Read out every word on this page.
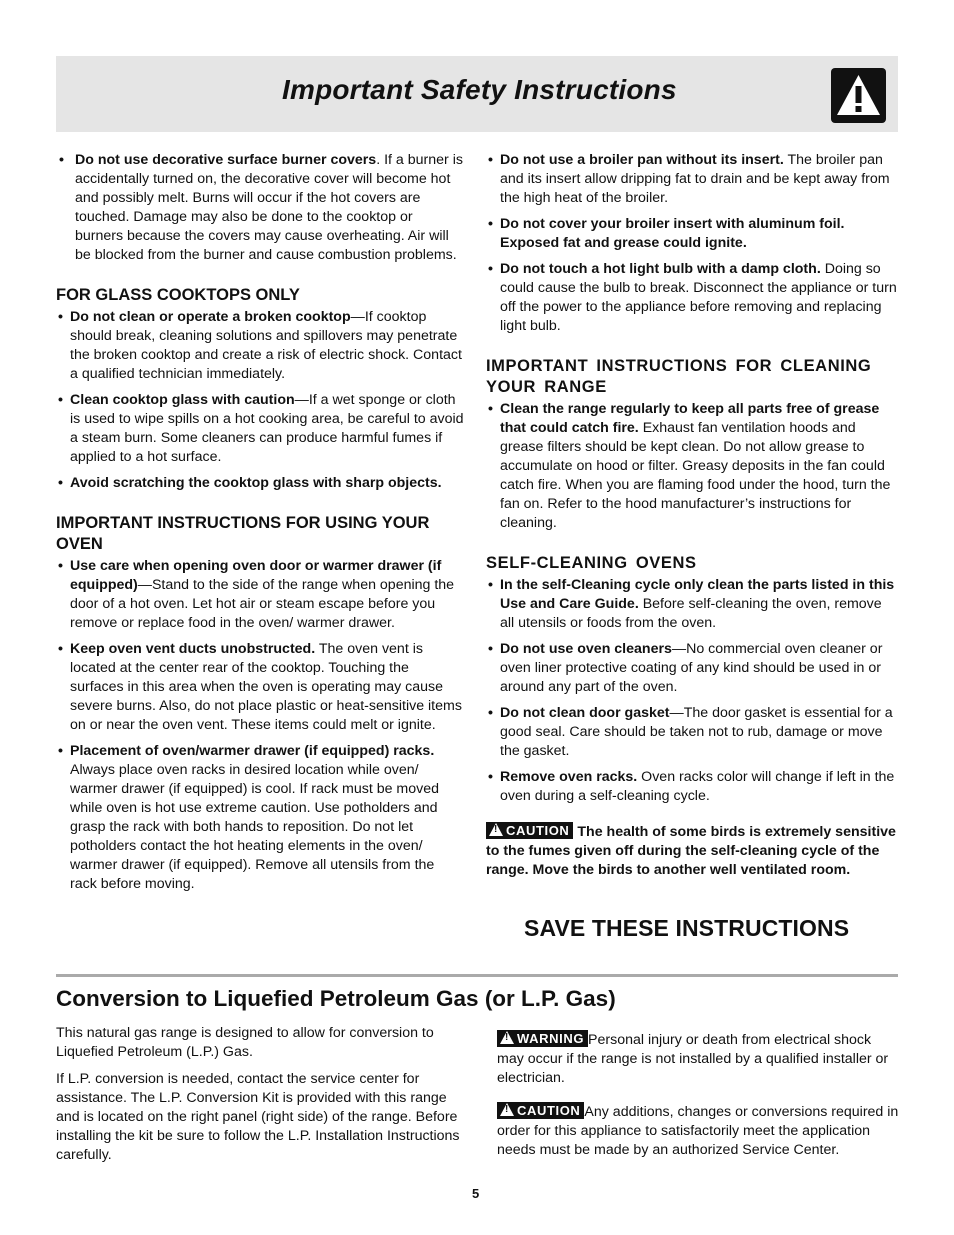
Important Safety Instructions
• Do not use decorative surface burner covers. If a burner is accidentally turned on, the decorative cover will become hot and possibly melt. Burns will occur if the hot covers are touched. Damage may also be done to the cooktop or burners because the covers may cause overheating. Air will be blocked from the burner and cause combustion problems.
FOR GLASS COOKTOPS ONLY
• Do not clean or operate a broken cooktop—If cooktop should break, cleaning solutions and spillovers may penetrate the broken cooktop and create a risk of electric shock. Contact a qualified technician immediately.
• Clean cooktop glass with caution—If a wet sponge or cloth is used to wipe spills on a hot cooking area, be careful to avoid a steam burn. Some cleaners can produce harmful fumes if applied to a hot surface.
• Avoid scratching the cooktop glass with sharp objects.
IMPORTANT INSTRUCTIONS FOR USING YOUR OVEN
• Use care when opening oven door or warmer drawer (if equipped)—Stand to the side of the range when opening the door of a hot oven. Let hot air or steam escape before you remove or replace food in the oven/ warmer drawer.
• Keep oven vent ducts unobstructed. The oven vent is located at the center rear of the cooktop. Touching the surfaces in this area when the oven is operating may cause severe burns. Also, do not place plastic or heat-sensitive items on or near the oven vent. These items could melt or ignite.
• Placement of oven/warmer drawer (if equipped) racks. Always place oven racks in desired location while oven/ warmer drawer (if equipped) is cool. If rack must be moved while oven is hot use extreme caution. Use potholders and grasp the rack with both hands to reposition. Do not let potholders contact the hot heating elements in the oven/ warmer drawer (if equipped). Remove all utensils from the rack before moving.
• Do not use a broiler pan without its insert. The broiler pan and its insert allow dripping fat to drain and be kept away from the high heat of the broiler.
• Do not cover your broiler insert with aluminum foil. Exposed fat and grease could ignite.
• Do not touch a hot light bulb with a damp cloth. Doing so could cause the bulb to break. Disconnect the appliance or turn off the power to the appliance before removing and replacing light bulb.
IMPORTANT INSTRUCTIONS FOR CLEANING YOUR RANGE
• Clean the range regularly to keep all parts free of grease that could catch fire. Exhaust fan ventilation hoods and grease filters should be kept clean. Do not allow grease to accumulate on hood or filter. Greasy deposits in the fan could catch fire. When you are flaming food under the hood, turn the fan on. Refer to the hood manufacturer’s instructions for cleaning.
SELF-CLEANING OVENS
• In the self-Cleaning cycle only clean the parts listed in this Use and Care Guide. Before self-cleaning the oven, remove all utensils or foods from the oven.
• Do not use oven cleaners—No commercial oven cleaner or oven liner protective coating of any kind should be used in or around any part of the oven.
• Do not clean door gasket—The door gasket is essential for a good seal. Care should be taken not to rub, damage or move the gasket.
• Remove oven racks. Oven racks color will change if left in the oven during a self-cleaning cycle.
!CAUTION The health of some birds is extremely sensitive to the fumes given off during the self-cleaning cycle of the range. Move the birds to another well ventilated room.
SAVE THESE INSTRUCTIONS
Conversion to Liquefied Petroleum Gas (or L.P. Gas)

This natural gas range is designed to allow for conversion to Liquefied Petroleum (L.P.) Gas.

If L.P. conversion is needed, contact the service center for assistance. The L.P. Conversion Kit is provided with this range and is located on the right panel (right side) of the range. Before installing the kit be sure to follow the L.P. Installation Instructions carefully.

!WARNING Personal injury or death from electrical shock may occur if the range is not installed by a qualified installer or electrician.

!CAUTION Any additions, changes or conversions required in order for this appliance to satisfactorily meet the application needs must be made by an authorized Service Center.

5
